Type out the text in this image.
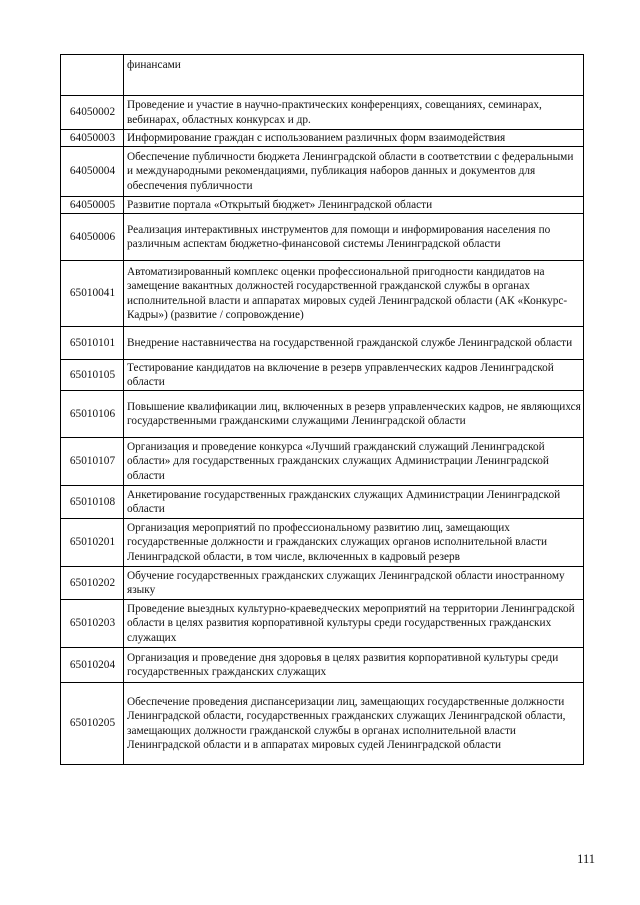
	финансами

64050002	Проведение и участие в научно-практических конференциях, совещаниях, семинарах, вебинарах, областных конкурсах и др.

64050003	Информирование граждан с использованием различных форм взаимодействия

64050004	Обеспечение публичности бюджета Ленинградской области в соответствии с федеральными и международными рекомендациями, публикация наборов данных и документов для обеспечения публичности

64050005	Развитие портала «Открытый бюджет» Ленинградской области

64050006	Реализация интерактивных инструментов для помощи и информирования населения по различным аспектам бюджетно-финансовой системы Ленинградской области

65010041	Автоматизированный комплекс оценки профессиональной пригодности кандидатов на замещение вакантных должностей государственной гражданской службы в органах исполнительной власти и аппаратах мировых судей Ленинградской области (АК «Конкурс-Кадры») (развитие / сопровождение)

65010101	Внедрение наставничества на государственной гражданской службе Ленинградской области

65010105	Тестирование кандидатов на включение в резерв управленческих кадров Ленинградской области

65010106	Повышение квалификации лиц, включенных в резерв управленческих кадров, не являющихся государственными гражданскими служащими Ленинградской области

65010107	Организация и проведение конкурса «Лучший гражданский служащий Ленинградской области» для государственных гражданских служащих Администрации Ленинградской области

65010108	Анкетирование государственных гражданских служащих Администрации Ленинградской области

65010201	Организация мероприятий по профессиональному развитию лиц, замещающих государственные должности и гражданских служащих органов исполнительной власти Ленинградской области, в том числе, включенных в кадровый резерв

65010202	Обучение государственных гражданских служащих Ленинградской области иностранному языку

65010203	Проведение выездных культурно-краеведческих мероприятий на территории Ленинградской области в целях развития корпоративной культуры среди государственных гражданских служащих

65010204	Организация и проведение дня здоровья в целях развития корпоративной культуры среди государственных гражданских служащих

65010205	Обеспечение проведения диспансеризации лиц, замещающих государственные должности Ленинградской области, государственных гражданских служащих Ленинградской области, замещающих должности гражданской службы в органах исполнительной власти Ленинградской области и в аппаратах мировых судей Ленинградской области
111
